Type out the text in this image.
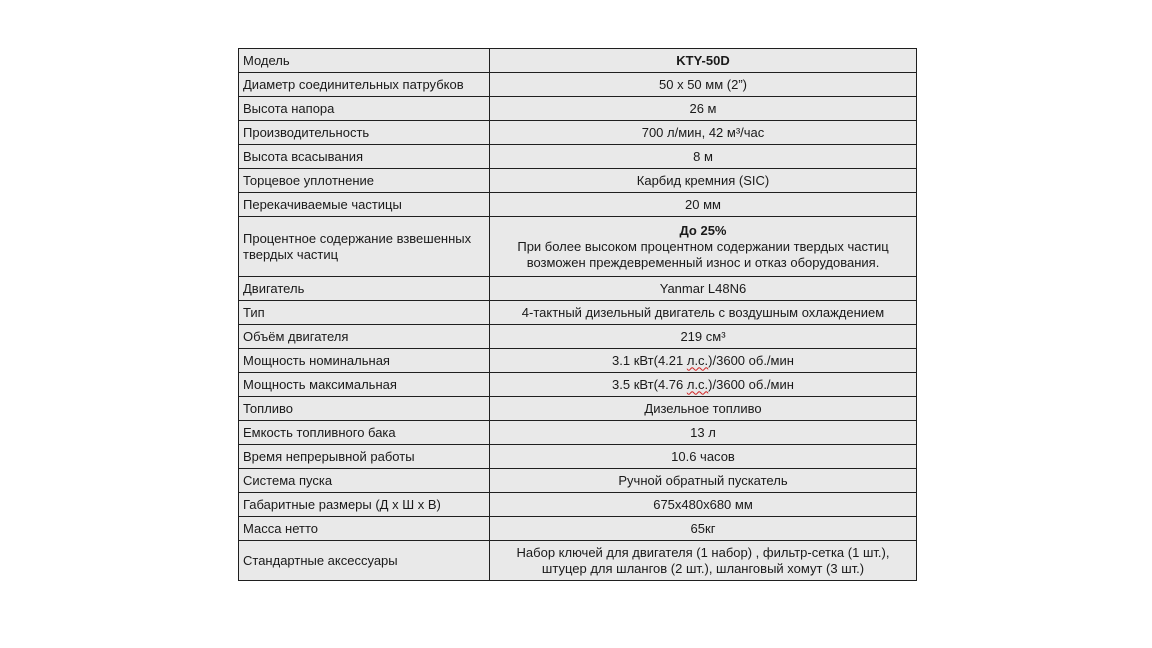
Модель	KTY-50D
Диаметр соединительных патрубков	50 х 50 мм (2”)
Высота напора	26 м
Производительность	700 л/мин, 42 м³/час
Высота всасывания	8 м
Торцевое уплотнение	Карбид кремния (SIC)
Перекачиваемые частицы	20 мм
Процентное содержание взвешенных твердых частиц	До 25%
При более высоком процентном содержании твердых частиц
возможен преждевременный износ и отказ оборудования.

Двигатель	Yanmar L48N6
Тип	4-тактный дизельный двигатель с воздушным охлаждением
Объём двигателя	219 см³
Мощность номинальная	3.1 кВт(4.21 л.с.)/3600 об./мин
Мощность максимальная	3.5 кВт(4.76 л.с.)/3600 об./мин
Топливо	Дизельное топливо
Емкость топливного бака	13 л
Время непрерывной работы	10.6 часов
Система пуска	Ручной обратный пускатель
Габаритные размеры (Д х Ш х В)	675х480х680 мм
Масса нетто	65кг
Стандартные аксессуары	Набор ключей для двигателя (1 набор) , фильтр-сетка (1 шт.),
штуцер для шлангов (2 шт.), шланговый хомут (3 шт.)
